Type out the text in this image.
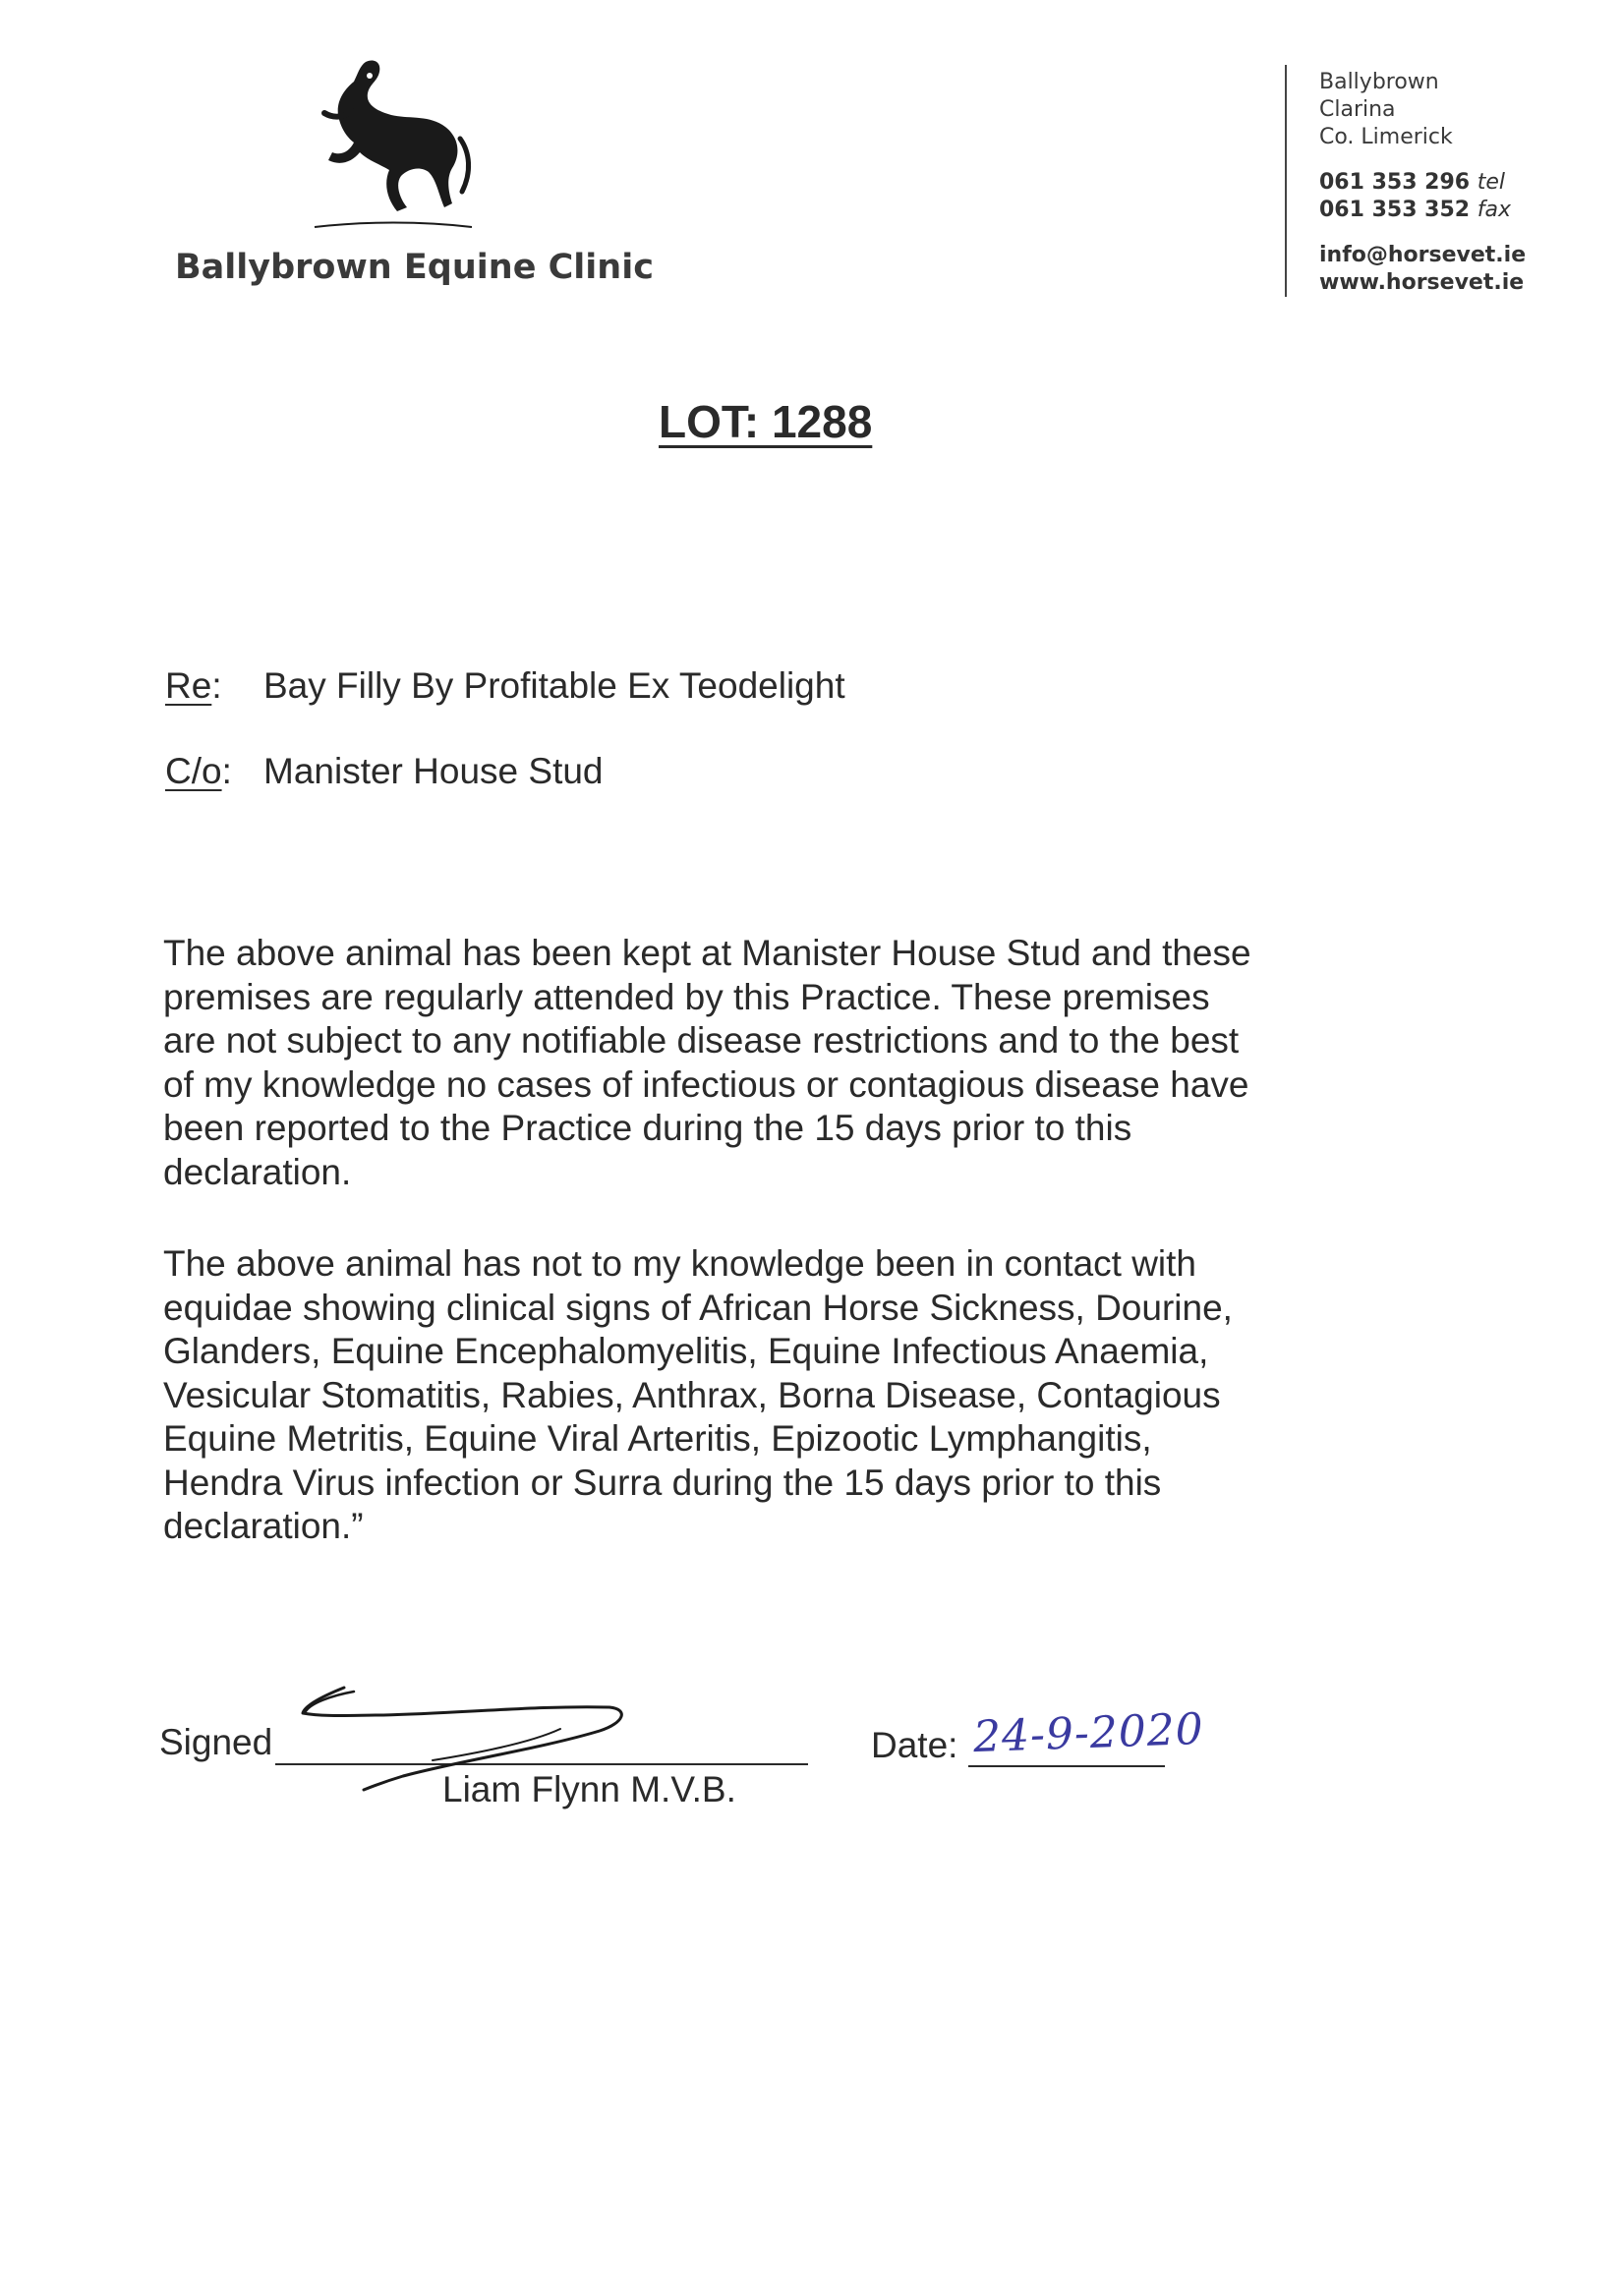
Ballybrown Equine Clinic
Ballybrown
Clarina
Co. Limerick
061 353 296 tel
061 353 352 fax
info@horsevet.ie
www.horsevet.ie
LOT: 1288
Re: Bay Filly By Profitable Ex Teodelight
C/o: Manister House Stud
The above animal has been kept at Manister House Stud and these
premises are regularly attended by this Practice. These premises
are not subject to any notifiable disease restrictions and to the best
of my knowledge no cases of infectious or contagious disease have
been reported to the Practice during the 15 days prior to this
declaration.
The above animal has not to my knowledge been in contact with
equidae showing clinical signs of African Horse Sickness, Dourine,
Glanders, Equine Encephalomyelitis, Equine Infectious Anaemia,
Vesicular Stomatitis, Rabies, Anthrax, Borna Disease, Contagious
Equine Metritis, Equine Viral Arteritis, Epizootic Lymphangitis,
Hendra Virus infection or Surra during the 15 days prior to this
declaration.”
Signed
Liam Flynn M.V.B.
Date: 24-9-2020
